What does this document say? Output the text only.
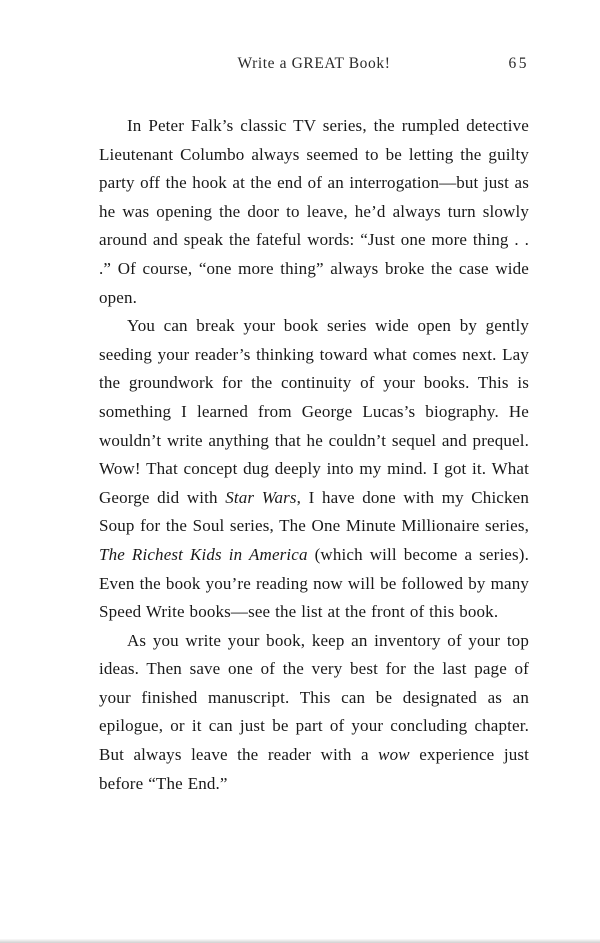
Write a GREAT Book!	65

In Peter Falk’s classic TV series, the rumpled detective Lieutenant Columbo always seemed to be letting the guilty party off the hook at the end of an interrogation—but just as he was opening the door to leave, he’d always turn slowly around and speak the fateful words: “Just one more thing . . .” Of course, “one more thing” always broke the case wide open.

You can break your book series wide open by gently seeding your reader’s thinking toward what comes next. Lay the groundwork for the continuity of your books. This is something I learned from George Lucas’s biography. He wouldn’t write anything that he couldn’t sequel and prequel. Wow! That concept dug deeply into my mind. I got it. What George did with Star Wars, I have done with my Chicken Soup for the Soul series, The One Minute Millionaire series, The Richest Kids in America (which will become a series). Even the book you’re reading now will be followed by many Speed Write books—see the list at the front of this book.

As you write your book, keep an inventory of your top ideas. Then save one of the very best for the last page of your finished manuscript. This can be designated as an epilogue, or it can just be part of your concluding chapter. But always leave the reader with a wow experience just before “The End.”
